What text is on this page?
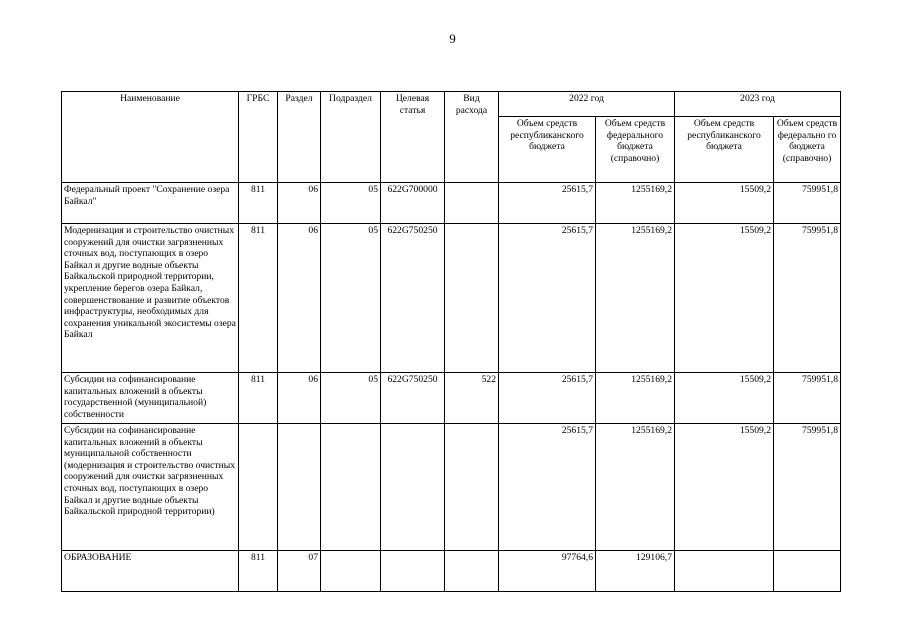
9
Наименование	ГРБС	Раздел	Подраздел	Целевая статья	Вид расхода	2022 год		2023 год	
						Объем средств республиканского бюджета	Объем средств федерального бюджета (справочно)	Объем средств республиканского бюджета	Объем средств федерально го бюджета (справочно)
Федеральный проект "Сохранение озера Байкал"	811	06	05	622G700000		25615,7	1255169,2	15509,2	759951,8
Модернизация и строительство очистных сооружений для очистки загрязненных сточных вод, поступающих в озеро Байкал и другие водные объекты Байкальской природной территории, укрепление берегов озера Байкал, совершенствование и развитие объектов инфраструктуры, необходимых для сохранения уникальной экосистемы озера Байкал	811	06	05	622G750250		25615,7	1255169,2	15509,2	759951,8
Субсидии на софинансирование капитальных вложений в объекты государственной (муниципальной) собственности	811	06	05	622G750250	522	25615,7	1255169,2	15509,2	759951,8
Субсидии на софинансирование капитальных вложений в объекты муниципальной собственности (модернизация и строительство очистных сооружений для очистки загрязненных сточных вод, поступающих в озеро Байкал и другие водные объекты Байкальской природной территории)						25615,7	1255169,2	15509,2	759951,8
ОБРАЗОВАНИЕ	811	07				97764,6	129106,7		
